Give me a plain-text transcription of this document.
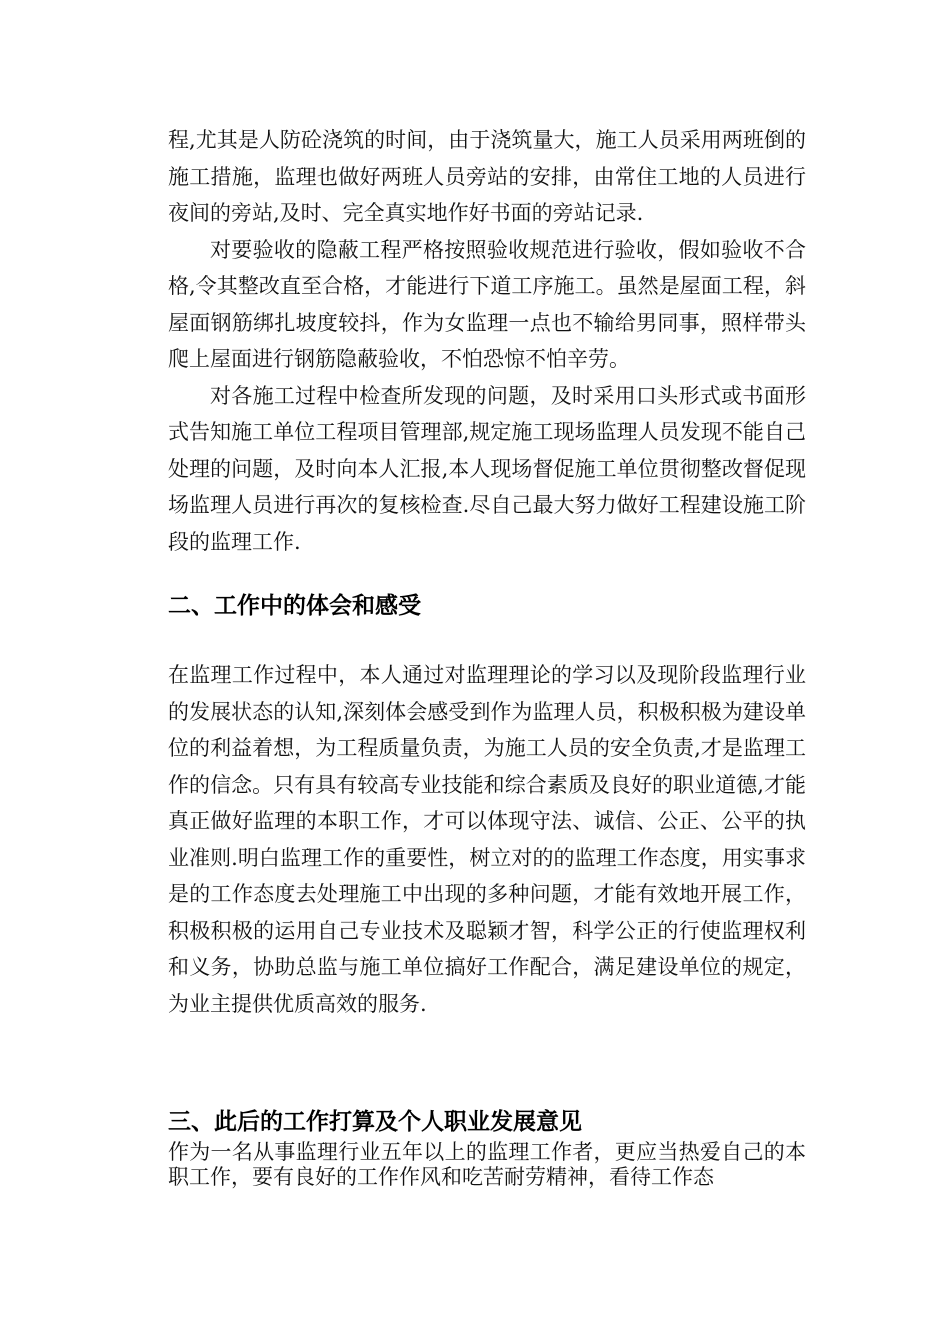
程,尤其是人防砼浇筑的时间，由于浇筑量大，施工人员采用两班倒的施工措施，监理也做好两班人员旁站的安排，由常住工地的人员进行夜间的旁站,及时、完全真实地作好书面的旁站记录.

对要验收的隐蔽工程严格按照验收规范进行验收，假如验收不合格,令其整改直至合格，才能进行下道工序施工。虽然是屋面工程，斜屋面钢筋绑扎坡度较抖，作为女监理一点也不输给男同事，照样带头爬上屋面进行钢筋隐蔽验收，不怕恐惊不怕辛劳。

对各施工过程中检查所发现的问题，及时采用口头形式或书面形式告知施工单位工程项目管理部,规定施工现场监理人员发现不能自己处理的问题，及时向本人汇报,本人现场督促施工单位贯彻整改督促现场监理人员进行再次的复核检查.尽自己最大努力做好工程建设施工阶段的监理工作.

二、工作中的体会和感受

在监理工作过程中，本人通过对监理理论的学习以及现阶段监理行业的发展状态的认知,深刻体会感受到作为监理人员，积极积极为建设单位的利益着想，为工程质量负责，为施工人员的安全负责,才是监理工作的信念。只有具有较高专业技能和综合素质及良好的职业道德,才能真正做好监理的本职工作，才可以体现守法、诚信、公正、公平的执业准则.明白监理工作的重要性，树立对的的监理工作态度，用实事求是的工作态度去处理施工中出现的多种问题，才能有效地开展工作，积极积极的运用自己专业技术及聪颖才智，科学公正的行使监理权利和义务，协助总监与施工单位搞好工作配合，满足建设单位的规定，为业主提供优质高效的服务.

三、此后的工作打算及个人职业发展意见

作为一名从事监理行业五年以上的监理工作者，更应当热爱自己的本职工作，要有良好的工作作风和吃苦耐劳精神，看待工作态
